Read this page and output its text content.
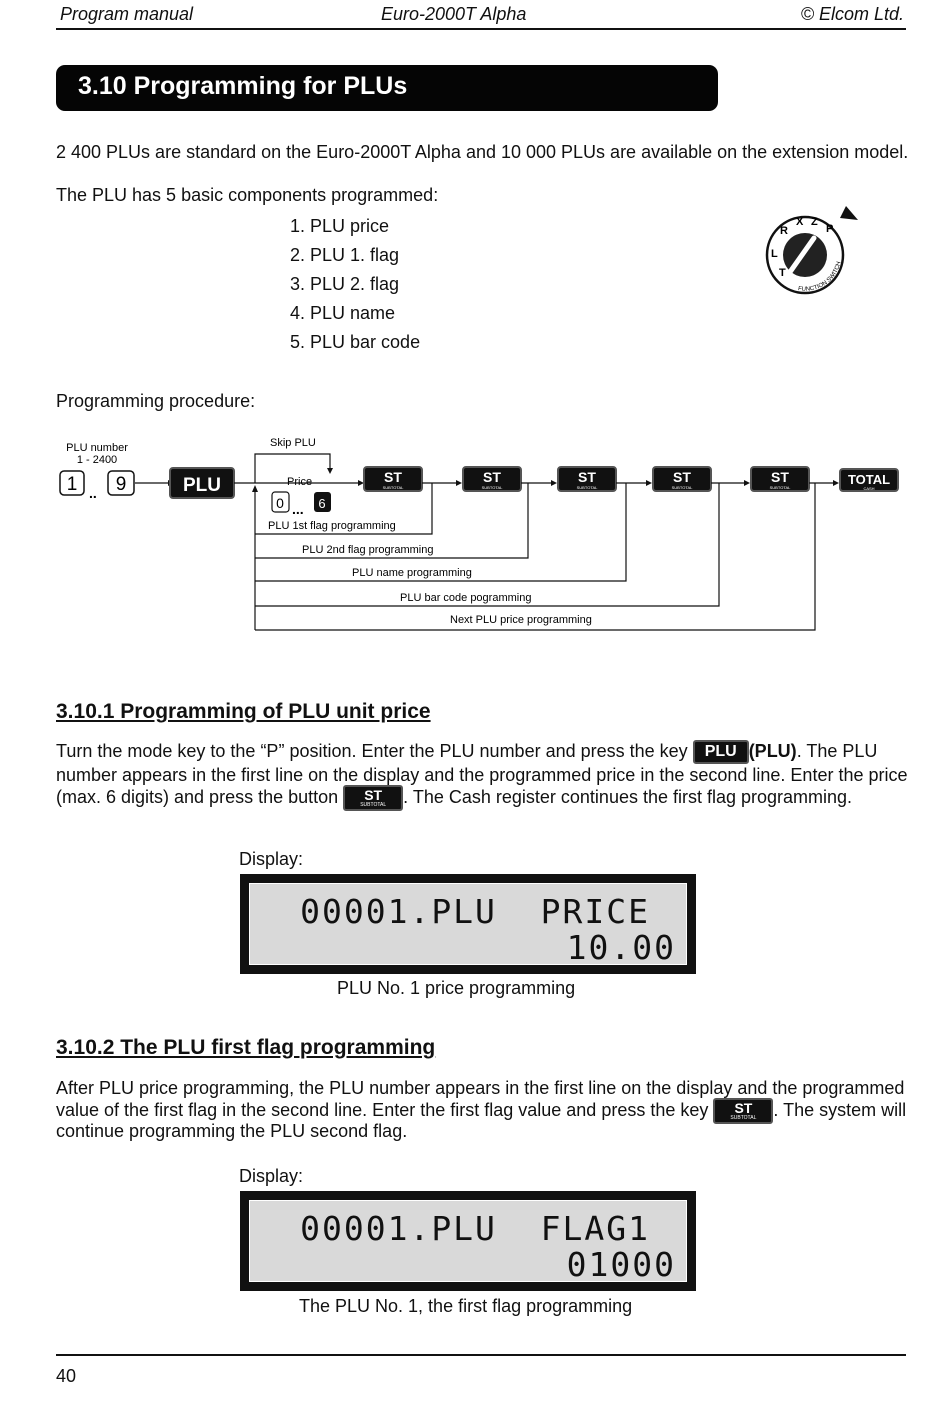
Program manual	Euro-2000T Alpha	© Elcom Ltd.
3.10 Programming for PLUs
2 400 PLUs are standard on the Euro-2000T Alpha and 10 000 PLUs are available on the extension model.
The PLU has 5 basic components programmed:
1. PLU price
2. PLU 1. flag
3. PLU 2. flag
4. PLU name
5. PLU bar code
R
X Z
P
L
T
FUNCTION SWITCH
Programming procedure:
PLU number
1 - 2400
1 .. 9	PLU
Skip PLU
Price
0 ... 6
ST
SUBTOTAL
ST
SUBTOTAL
ST
SUBTOTAL
ST
SUBTOTAL
ST
SUBTOTAL
TOTAL
CASH
PLU 1st flag programming
PLU 2nd flag programming
PLU name programming
PLU bar code pogramming
Next PLU price programming
3.10.1 Programming of PLU unit price
Turn the mode key to the “P” position. Enter the PLU number and press the key PLU (PLU). The PLU
number appears in the first line on the display and the programmed price in the second line. Enter the price
(max. 6 digits) and press the button ST
SUBTOTAL . The Cash register continues the first flag programming.
Display:
00001.PLU  PRICE
10.00
PLU No. 1 price programming
3.10.2 The PLU first flag programming
After PLU price programming, the PLU number appears in the first line on the display and the programmed
value of the first flag in the second line. Enter the first flag value and press the key ST
SUBTOTAL . The system will
continue programming the PLU second flag.
Display:
00001.PLU  FLAG1
01000
The PLU No. 1, the first flag programming
40
